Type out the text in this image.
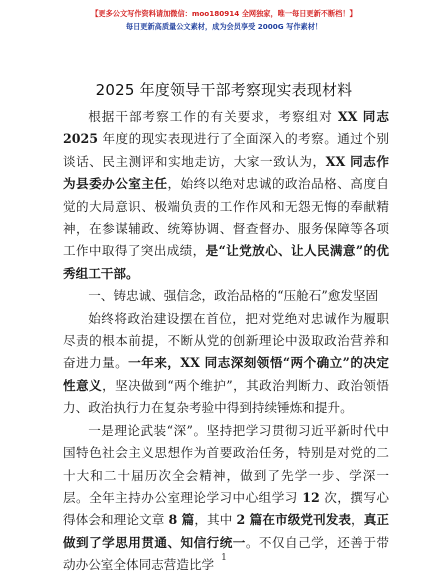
【更多公文写作资料请加微信：moo180914 全网独家，唯一每日更新不断档！】
每日更新高质量公文素材，成为会员享受 2000G 写作素材！
2025 年度领导干部考察现实表现材料

根据干部考察工作的有关要求，考察组对 XX 同志 2025 年度的现实表现进行了全面深入的考察。通过个别谈话、民主测评和实地走访，大家一致认为，XX 同志作为县委办公室主任，始终以绝对忠诚的政治品格、高度自觉的大局意识、极端负责的工作作风和无怨无悔的奉献精神，在参谋辅政、统筹协调、督查督办、服务保障等各项工作中取得了突出成绩，是“让党放心、让人民满意”的优秀组工干部。

一、铸忠诚、强信念，政治品格的“压舱石”愈发坚固

始终将政治建设摆在首位，把对党绝对忠诚作为履职尽责的根本前提，不断从党的创新理论中汲取政治营养和奋进力量。一年来，XX 同志深刻领悟“两个确立”的决定性意义，坚决做到“两个维护”，其政治判断力、政治领悟力、政治执行力在复杂考验中得到持续锤炼和提升。

一是理论武装“深”。坚持把学习贯彻习近平新时代中国特色社会主义思想作为首要政治任务，特别是对党的二十大和二十届历次全会精神，做到了先学一步、学深一层。全年主持办公室理论学习中心组学习 12 次，撰写心得体会和理论文章 8 篇，其中 2 篇在市级党刊发表，真正做到了学思用贯通、知信行统一。不仅自己学，还善于带动办公室全体同志营造比学 1
